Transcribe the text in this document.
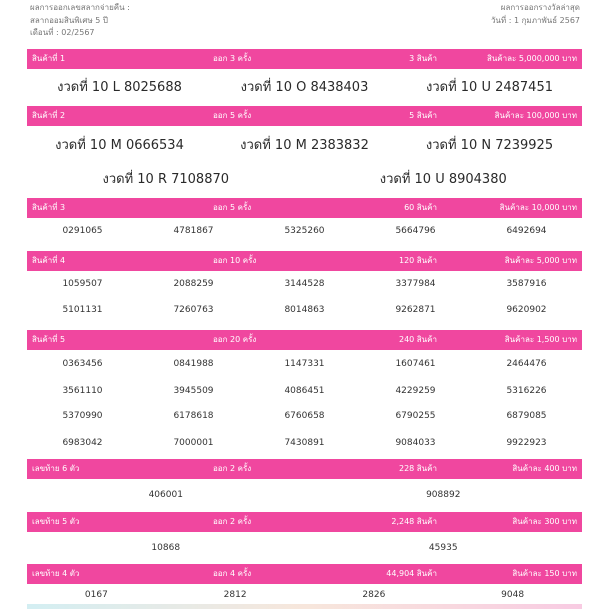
ผลการออกเลขสลากจ่ายคืน :
สลากออมสินพิเศษ 5 ปี
เดือนที่ : 02/2567
ผลการออกรางวัลล่าสุด
วันที่ : 1 กุมภาพันธ์ 2567
สินค้าที่ 1	ออก 3 ครั้ง	3 สินค้า	สินค้าละ 5,000,000 บาท
งวดที่ 10 L 8025688	งวดที่ 10 O 8438403	งวดที่ 10 U 2487451
สินค้าที่ 2	ออก 5 ครั้ง	5 สินค้า	สินค้าละ 100,000 บาท
งวดที่ 10 M 0666534	งวดที่ 10 M 2383832	งวดที่ 10 N 7239925
งวดที่ 10 R 7108870	งวดที่ 10 U 8904380
สินค้าที่ 3	ออก 5 ครั้ง	60 สินค้า	สินค้าละ 10,000 บาท
0291065	4781867	5325260	5664796	6492694
สินค้าที่ 4	ออก 10 ครั้ง	120 สินค้า	สินค้าละ 5,000 บาท
1059507	2088259	3144528	3377984	3587916
5101131	7260763	8014863	9262871	9620902
สินค้าที่ 5	ออก 20 ครั้ง	240 สินค้า	สินค้าละ 1,500 บาท
0363456	0841988	1147331	1607461	2464476
3561110	3945509	4086451	4229259	5316226
5370990	6178618	6760658	6790255	6879085
6983042	7000001	7430891	9084033	9922923
เลขท้าย 6 ตัว	ออก 2 ครั้ง	228 สินค้า	สินค้าละ 400 บาท
406001	908892
เลขท้าย 5 ตัว	ออก 2 ครั้ง	2,248 สินค้า	สินค้าละ 300 บาท
10868	45935
เลขท้าย 4 ตัว	ออก 4 ครั้ง	44,904 สินค้า	สินค้าละ 150 บาท
0167	2812	2826	9048
